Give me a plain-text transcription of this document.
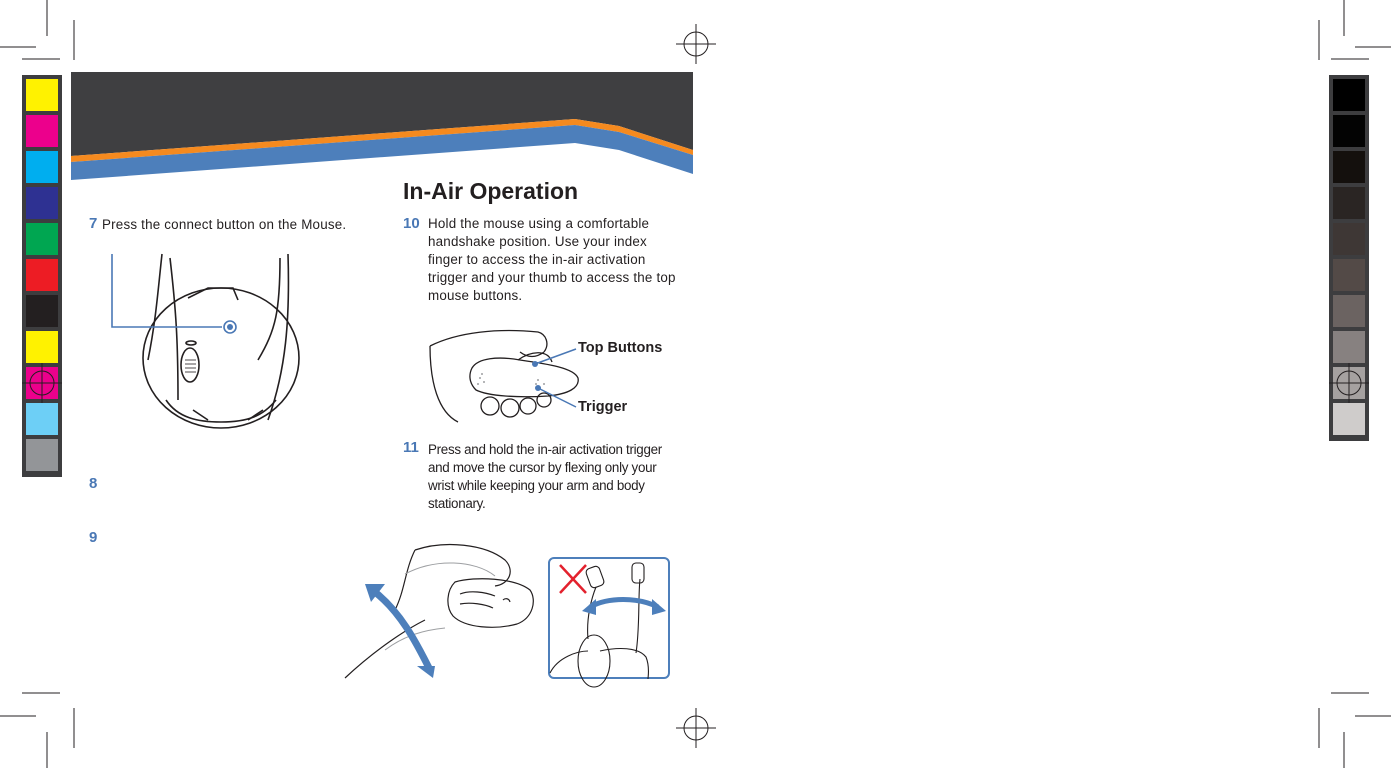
In-Air Operation
7 Press the connect button on the Mouse.
8
9
10 Hold the mouse using a comfortable handshake position. Use your index finger to access the in-air activation trigger and your thumb to access the top mouse buttons.
Top Buttons
Trigger
11 Press and hold the in-air activation trigger and move the cursor by flexing only your wrist while keeping your arm and body stationary.
